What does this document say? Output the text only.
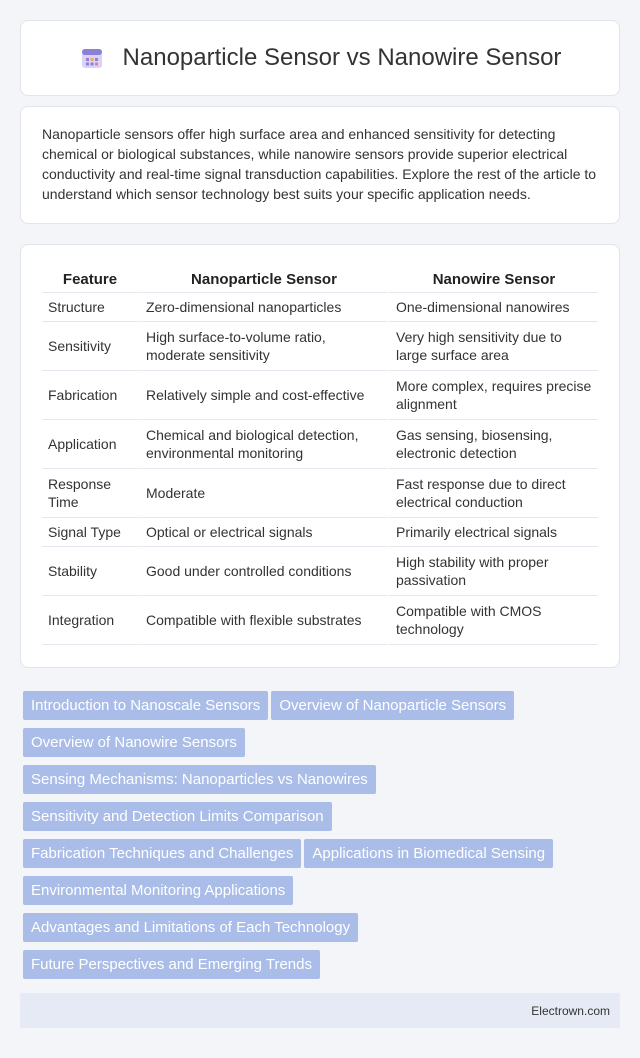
Nanoparticle Sensor vs Nanowire Sensor

Nanoparticle sensors offer high surface area and enhanced sensitivity for detecting chemical or biological substances, while nanowire sensors provide superior electrical conductivity and real-time signal transduction capabilities. Explore the rest of the article to understand which sensor technology best suits your specific application needs.

Feature	Nanoparticle Sensor	Nanowire Sensor
Structure	Zero-dimensional nanoparticles	One-dimensional nanowires
Sensitivity	High surface-to-volume ratio, moderate sensitivity	Very high sensitivity due to large surface area
Fabrication	Relatively simple and cost-effective	More complex, requires precise alignment
Application	Chemical and biological detection, environmental monitoring	Gas sensing, biosensing, electronic detection
Response Time	Moderate	Fast response due to direct electrical conduction
Signal Type	Optical or electrical signals	Primarily electrical signals
Stability	Good under controlled conditions	High stability with proper passivation
Integration	Compatible with flexible substrates	Compatible with CMOS technology
Introduction to Nanoscale Sensors Overview of Nanoparticle Sensors
Overview of Nanowire Sensors
Sensing Mechanisms: Nanoparticles vs Nanowires
Sensitivity and Detection Limits Comparison
Fabrication Techniques and Challenges Applications in Biomedical Sensing
Environmental Monitoring Applications
Advantages and Limitations of Each Technology
Future Perspectives and Emerging Trends
Electrown.com
